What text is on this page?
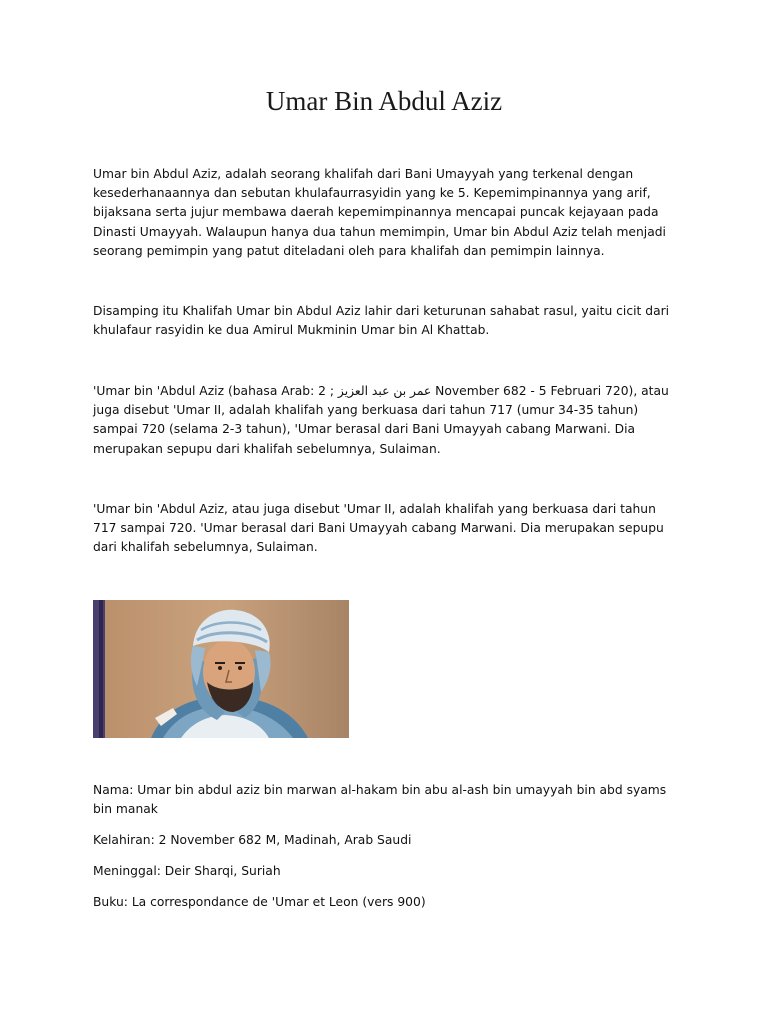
Umar Bin Abdul Aziz

Umar bin Abdul Aziz, adalah seorang khalifah dari Bani Umayyah yang terkenal dengan kesederhanaannya dan sebutan khulafaurrasyidin yang ke 5. Kepemimpinannya yang arif, bijaksana serta jujur membawa daerah kepemimpinannya mencapai puncak kejayaan pada Dinasti Umayyah. Walaupun hanya dua tahun memimpin, Umar bin Abdul Aziz telah menjadi seorang pemimpin yang patut diteladani oleh para khalifah dan pemimpin lainnya.

Disamping itu Khalifah Umar bin Abdul Aziz lahir dari keturunan sahabat rasul, yaitu cicit dari khulafaur rasyidin ke dua Amirul Mukminin Umar bin Al Khattab.

'Umar bin 'Abdul Aziz (bahasa Arab: عمر بن عبد العزيز ; 2 November 682 - 5 Februari 720), atau juga disebut 'Umar II, adalah khalifah yang berkuasa dari tahun 717 (umur 34-35 tahun) sampai 720 (selama 2-3 tahun), 'Umar berasal dari Bani Umayyah cabang Marwani. Dia merupakan sepupu dari khalifah sebelumnya, Sulaiman.

'Umar bin 'Abdul Aziz, atau juga disebut 'Umar II, adalah khalifah yang berkuasa dari tahun 717 sampai 720. 'Umar berasal dari Bani Umayyah cabang Marwani. Dia merupakan sepupu dari khalifah sebelumnya, Sulaiman.

Nama: Umar bin abdul aziz bin marwan al-hakam bin abu al-ash bin umayyah bin abd syams bin manak

Kelahiran: 2 November 682 M, Madinah, Arab Saudi

Meninggal: Deir Sharqi, Suriah

Buku: La correspondance de 'Umar et Leon (vers 900)
